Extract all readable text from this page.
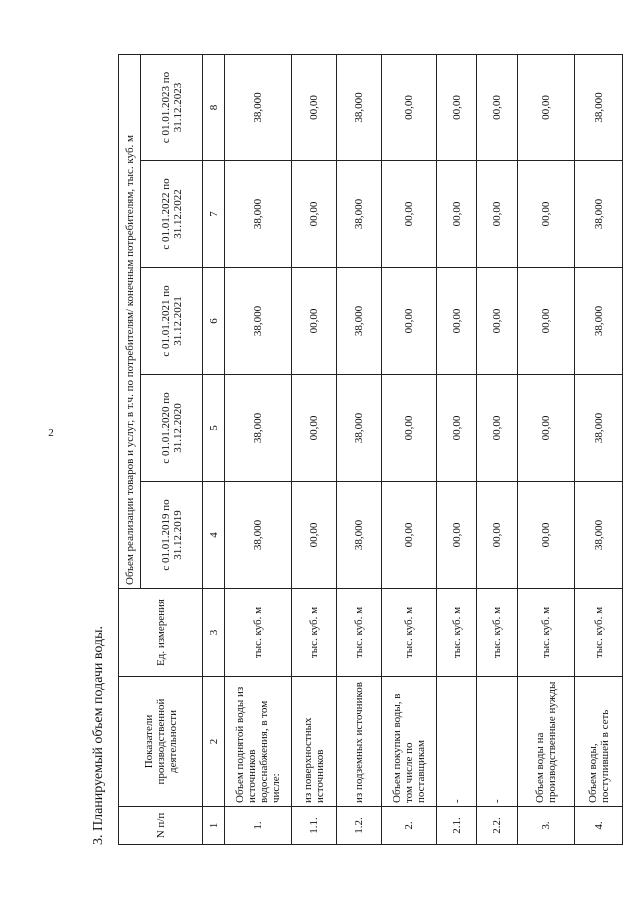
2
3. Планируемый объем подачи воды.	N п/п	Показатели производственной деятельности	Ед. измерения	Объем реализации товаров и услуг, в т.ч. по потребителям/ конечным потребителям, тыс. куб. м				
			с 01.01.2019 по 31.12.2019	с 01.01.2020 по 31.12.2020	с 01.01.2021 по 31.12.2021	с 01.01.2022 по 31.12.2022	с 01.01.2023 по 31.12.2023
1	2	3	4	5	6	7	8
1.	Объем поднятой воды из источников водоснабжения, в том числе:	тыс. куб. м	38,000	38,000	38,000	38,000	38,000
1.1.	из поверхностных источников	тыс. куб. м	00,00	00,00	00,00	00,00	00,00
1.2.	из подземных источников	тыс. куб. м	38,000	38,000	38,000	38,000	38,000
2.	Объем покупки воды, в том числе по поставщикам	тыс. куб. м	00,00	00,00	00,00	00,00	00,00
2.1.	-	тыс. куб. м	00,00	00,00	00,00	00,00	00,00
2.2.	-	тыс. куб. м	00,00	00,00	00,00	00,00	00,00
3.	Объем воды на производственные нужды	тыс. куб. м	00,00	00,00	00,00	00,00	00,00
4.	Объем воды, поступившей в сеть	тыс. куб. м	38,000	38,000	38,000	38,000	38,000
